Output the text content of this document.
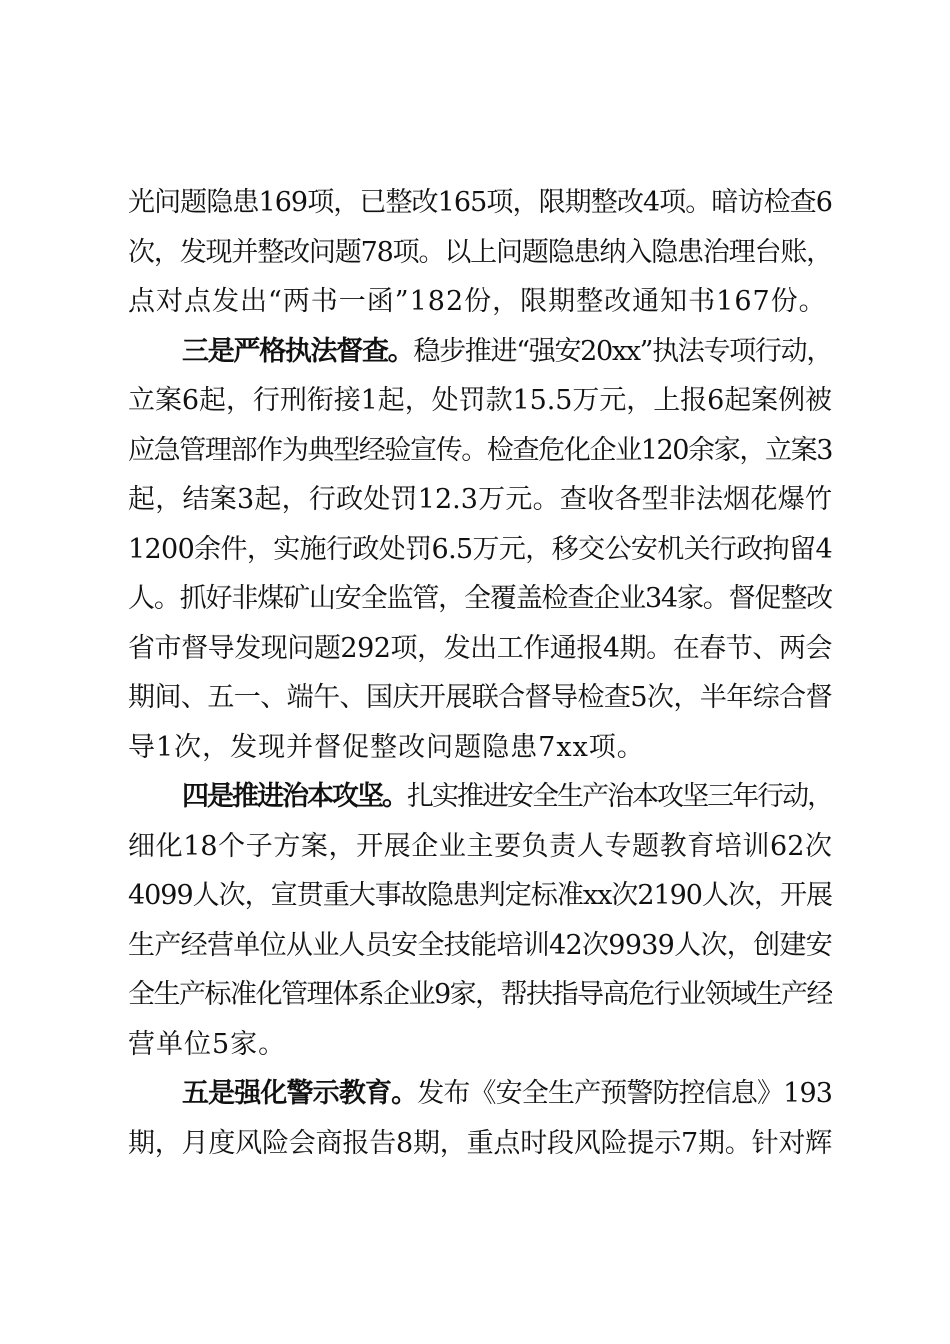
光问题隐患169项，已整改165项，限期整改4项。暗访检查6
次，发现并整改问题78项。以上问题隐患纳入隐患治理台账，
点对点发出“两书一函”182份，限期整改通知书167份。
三是严格执法督查。稳步推进“强安20xx”执法专项行动，
立案6起，行刑衔接1起，处罚款15.5万元，上报6起案例被
应急管理部作为典型经验宣传。检查危化企业120余家，立案3
起，结案3起，行政处罚12.3万元。查收各型非法烟花爆竹
1200余件，实施行政处罚6.5万元，移交公安机关行政拘留4
人。抓好非煤矿山安全监管，全覆盖检查企业34家。督促整改
省市督导发现问题292项，发出工作通报4期。在春节、两会
期间、五一、端午、国庆开展联合督导检查5次，半年综合督
导1次，发现并督促整改问题隐患7xx项。
四是推进治本攻坚。扎实推进安全生产治本攻坚三年行动，
细化18个子方案，开展企业主要负责人专题教育培训62次
4099人次，宣贯重大事故隐患判定标准xx次2190人次，开展
生产经营单位从业人员安全技能培训42次9939人次，创建安
全生产标准化管理体系企业9家，帮扶指导高危行业领域生产经
营单位5家。
五是强化警示教育。发布《安全生产预警防控信息》193
期，月度风险会商报告8期，重点时段风险提示7期。针对辉
